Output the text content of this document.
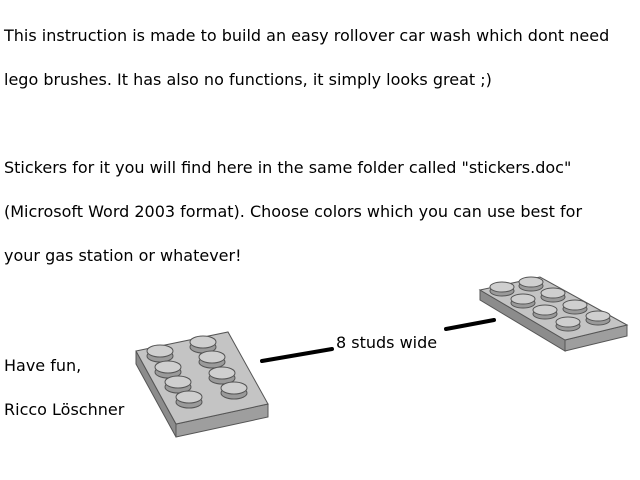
This instruction is made to build an easy rollover car wash which dont need

lego brushes. It has also no functions, it simply looks great ;)

Stickers for it you will find here in the same folder called "stickers.doc"

(Microsoft Word 2003 format). Choose colors which you can use best for

your gas station or whatever!

Have fun,

Ricco Löschner

8 studs wide
